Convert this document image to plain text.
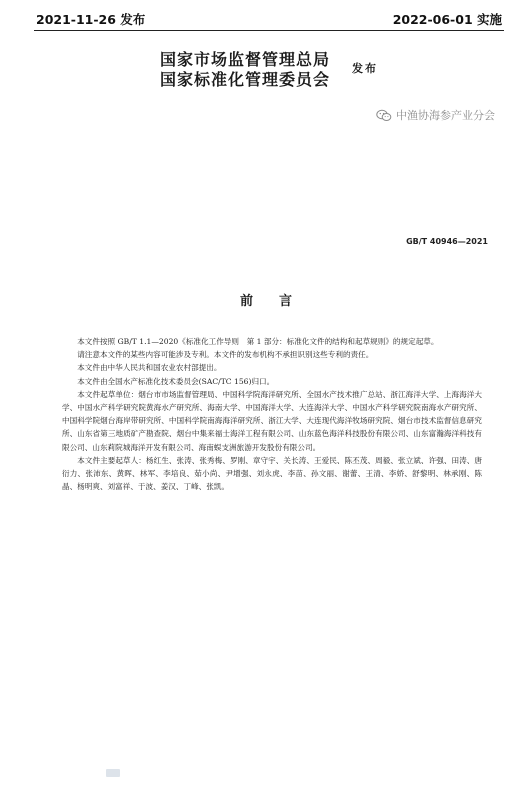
2021-11-26 发布	2022-06-01 实施
国家市场监督管理总局
国家标准化管理委员会
发布
中渔协海参产业分会
GB/T 40946—2021
前言

本文件按照 GB/T 1.1—2020《标准化工作导则　第 1 部分：标准化文件的结构和起草规则》的规定起草。

请注意本文件的某些内容可能涉及专利。本文件的发布机构不承担识别这些专利的责任。

本文件由中华人民共和国农业农村部提出。

本文件由全国水产标准化技术委员会(SAC/TC 156)归口。

本文件起草单位：烟台市市场监督管理局、中国科学院海洋研究所、全国水产技术推广总站、浙江海洋大学、上海海洋大学、中国水产科学研究院黄海水产研究所、海南大学、中国海洋大学、大连海洋大学、中国水产科学研究院南海水产研究所、中国科学院烟台海岸带研究所、中国科学院南海海洋研究所、浙江大学、大连现代海洋牧场研究院、烟台市技术监督信息研究所、山东省第三地质矿产勘查院、烟台中集来福士海洋工程有限公司、山东蓝色海洋科技股份有限公司、山东富瀚海洋科技有限公司、山东莉院城海洋开发有限公司、海南蜈支洲旅游开发股份有限公司。

本文件主要起草人：杨红生、张涛、张秀梅、罗刚、章守宇、关长涛、王爱民、陈丕茂、周毅、张立斌、许强、田涛、唐衍力、张沛东、黄晖、林军、李培良、茹小尚、尹增强、刘永虎、李苗、孙文丽、谢蕾、王清、李娇、舒黎明、林承刚、陈晶、杨明爽、刘富祥、于波、姜汉、丁峰、张凯。
